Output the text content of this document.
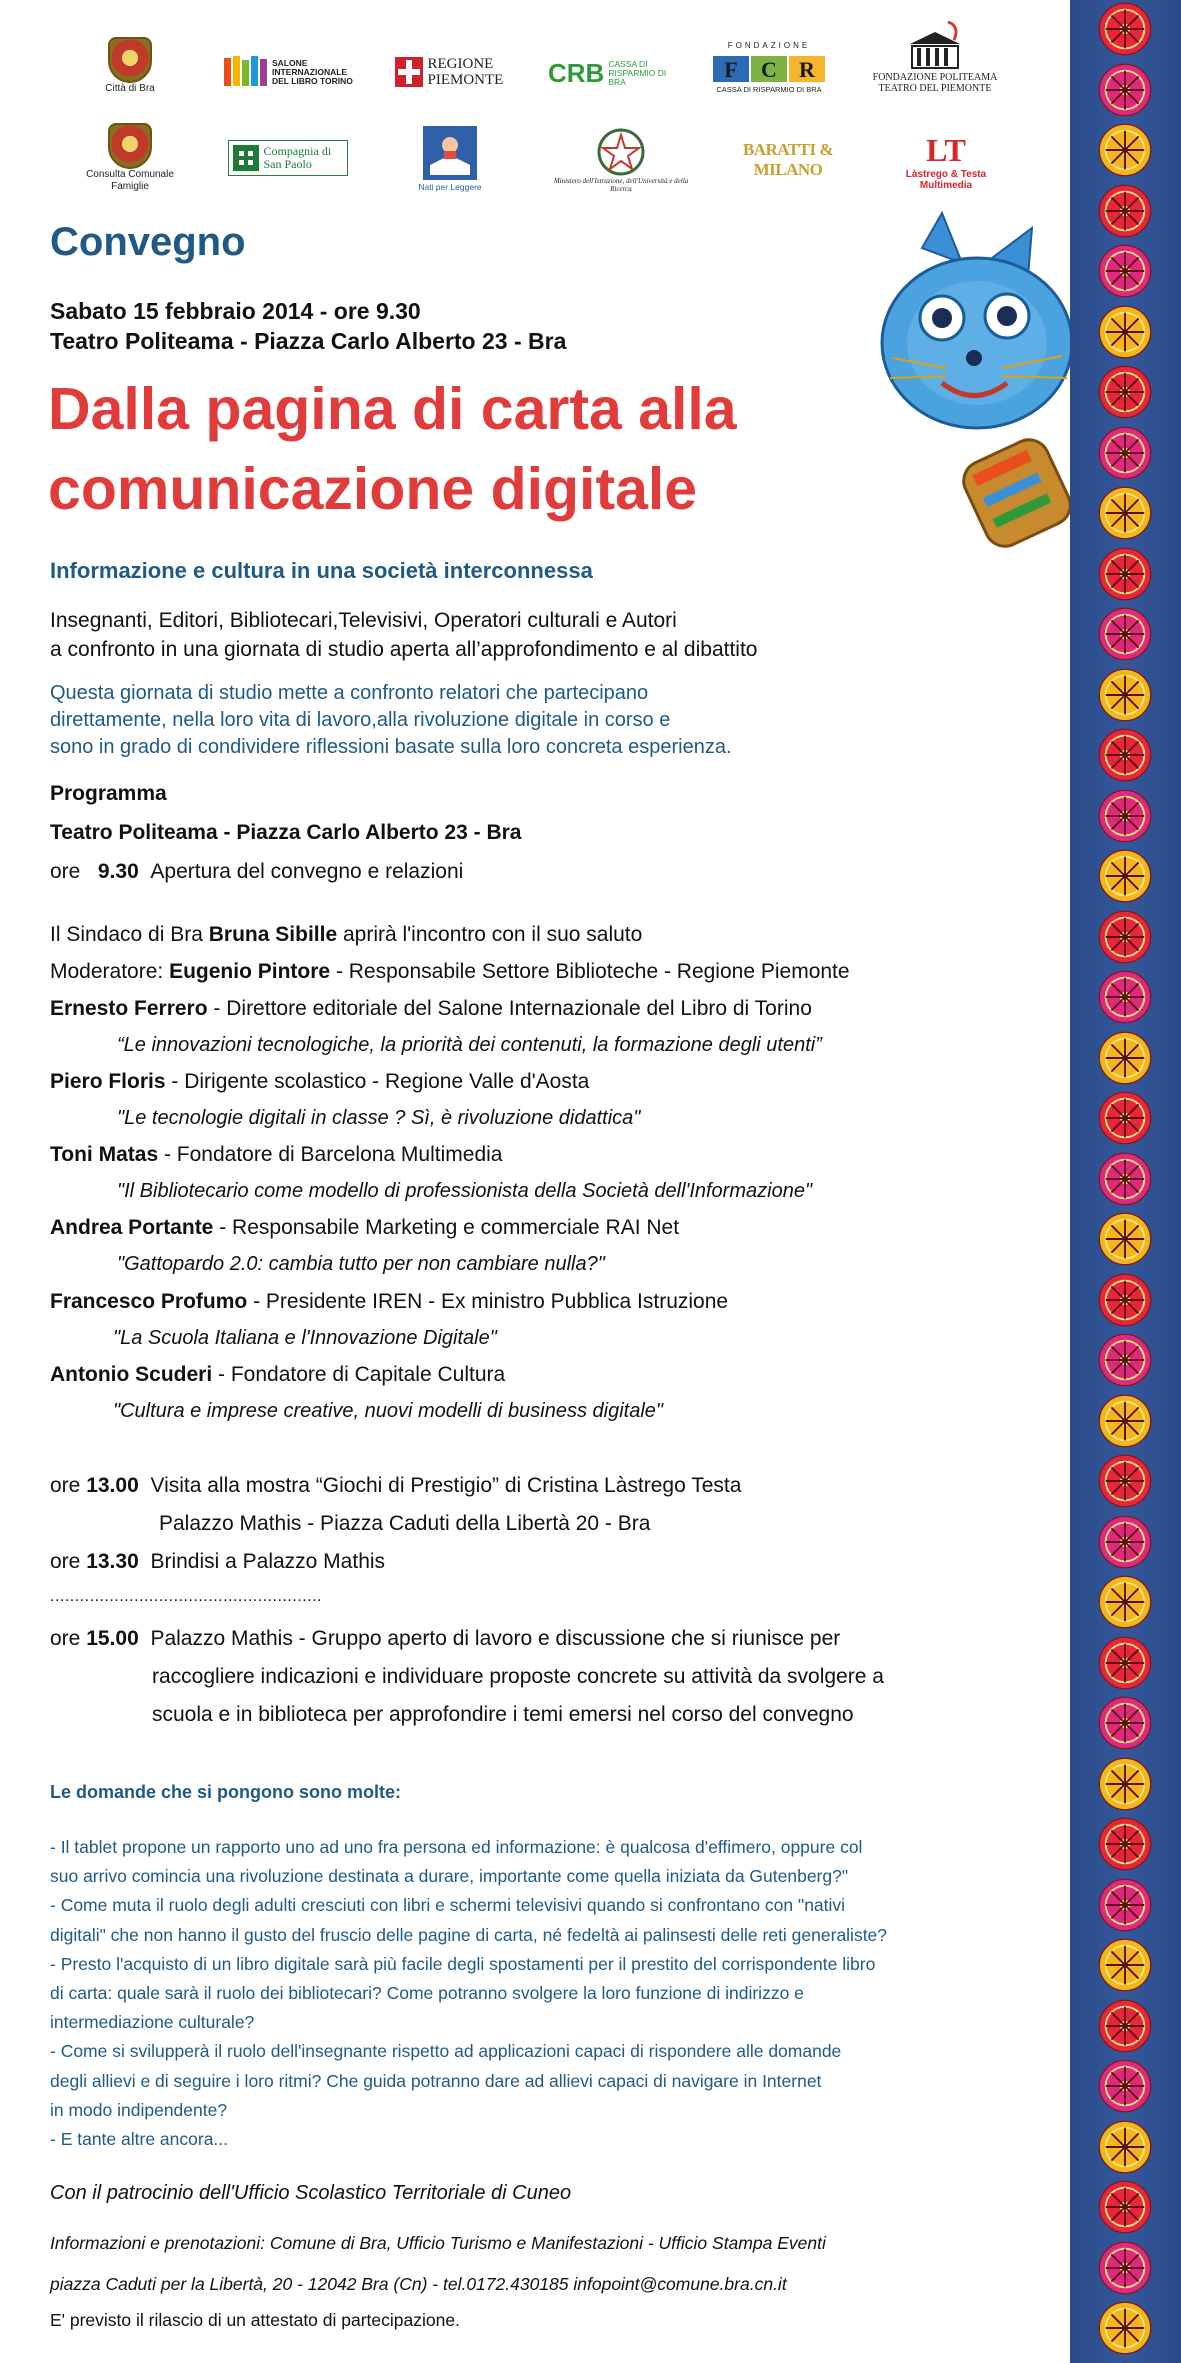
Città di Bra
SALONE INTERNAZIONALE DEL LIBRO TORINO
REGIONE PIEMONTE	CRB CASSA DI RISPARMIO DI BRA
FONDAZIONE
F C R
CASSA DI RISPARMIO DI BRA
FONDAZIONE POLITEAMA TEATRO DEL PIEMONTE
Consulta Comunale Famiglie
Compagnia di San Paolo
Nati per Leggere
Ministero dell'Istruzione, dell'Università e della Ricerca
BARATTI & MILANO
LT
Làstrego & Testa Multimedia
Convegno
Sabato 15 febbraio 2014 - ore 9.30
Teatro Politeama - Piazza Carlo Alberto 23 - Bra
Dalla pagina di carta alla
comunicazione digitale
Informazione e cultura in una società interconnessa
Insegnanti, Editori, Bibliotecari,Televisivi, Operatori culturali e Autori
a confronto in una giornata di studio aperta all’approfondimento e al dibattito
Questa giornata di studio mette a confronto relatori che partecipano
direttamente, nella loro vita di lavoro,alla rivoluzione digitale in corso e
sono in grado di condividere riflessioni basate sulla loro concreta esperienza.
Programma
Teatro Politeama - Piazza Carlo Alberto 23 - Bra
ore 9.30 Apertura del convegno e relazioni
Il Sindaco di Bra Bruna Sibille aprirà l'incontro con il suo saluto
Moderatore: Eugenio Pintore - Responsabile Settore Biblioteche - Regione Piemonte
Ernesto Ferrero - Direttore editoriale del Salone Internazionale del Libro di Torino
“Le innovazioni tecnologiche, la priorità dei contenuti, la formazione degli utenti”
Piero Floris - Dirigente scolastico - Regione Valle d'Aosta
"Le tecnologie digitali in classe ? Sì, è rivoluzione didattica"
Toni Matas - Fondatore di Barcelona Multimedia
"Il Bibliotecario come modello di professionista della Società dell'Informazione"
Andrea Portante - Responsabile Marketing e commerciale RAI Net
"Gattopardo 2.0: cambia tutto per non cambiare nulla?"
Francesco Profumo - Presidente IREN - Ex ministro Pubblica Istruzione
"La Scuola Italiana e l'Innovazione Digitale"
Antonio Scuderi - Fondatore di Capitale Cultura
"Cultura e imprese creative, nuovi modelli di business digitale"
ore 13.00 Visita alla mostra “Giochi di Prestigio” di Cristina Làstrego Testa
Palazzo Mathis - Piazza Caduti della Libertà 20 - Bra
ore 13.30 Brindisi a Palazzo Mathis
.......................................................
ore 15.00 Palazzo Mathis - Gruppo aperto di lavoro e discussione che si riunisce per
raccogliere indicazioni e individuare proposte concrete su attività da svolgere a
scuola e in biblioteca per approfondire i temi emersi nel corso del convegno
Le domande che si pongono sono molte:
- Il tablet propone un rapporto uno ad uno fra persona ed informazione: è qualcosa d'effimero, oppure col
suo arrivo comincia una rivoluzione destinata a durare, importante come quella iniziata da Gutenberg?"
- Come muta il ruolo degli adulti cresciuti con libri e schermi televisivi quando si confrontano con "nativi
digitali" che non hanno il gusto del fruscio delle pagine di carta, né fedeltà ai palinsesti delle reti generaliste?
- Presto l'acquisto di un libro digitale sarà più facile degli spostamenti per il prestito del corrispondente libro
di carta: quale sarà il ruolo dei bibliotecari? Come potranno svolgere la loro funzione di indirizzo e
intermediazione culturale?
- Come si svilupperà il ruolo dell'insegnante rispetto ad applicazioni capaci di rispondere alle domande
degli allievi e di seguire i loro ritmi? Che guida potranno dare ad allievi capaci di navigare in Internet
in modo indipendente?
- E tante altre ancora...
Con il patrocinio dell'Ufficio Scolastico Territoriale di Cuneo
Informazioni e prenotazioni: Comune di Bra, Ufficio Turismo e Manifestazioni - Ufficio Stampa Eventi
piazza Caduti per la Libertà, 20 - 12042 Bra (Cn) - tel.0172.430185 infopoint@comune.bra.cn.it
E' previsto il rilascio di un attestato di partecipazione.
